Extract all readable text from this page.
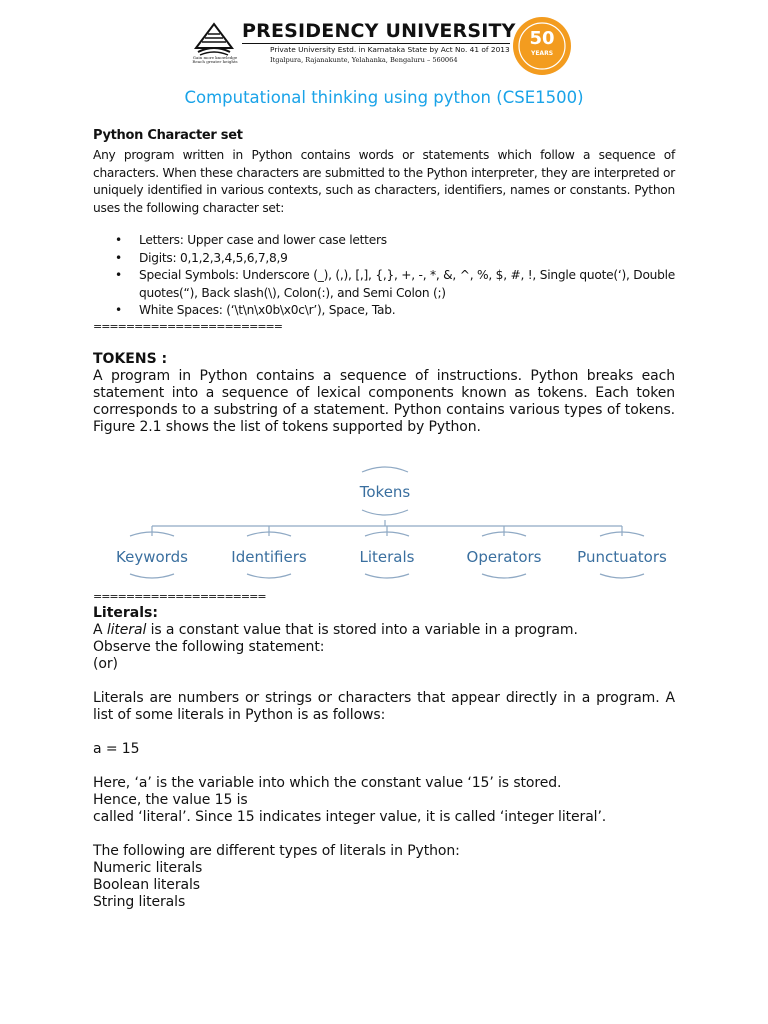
Gain more knowledge Reach greater heights
PRESIDENCY UNIVERSITY
Private University Estd. in Karnataka State by Act No. 41 of 2013
Itgalpura, Rajanakunte, Yelahanka, Bengaluru – 560064
50
YEARS
Computational thinking using python (CSE1500)
Python Character set

Any program written in Python contains words or statements which follow a sequence of characters. When these characters are submitted to the Python interpreter, they are interpreted or uniquely identified in various contexts, such as characters, identifiers, names or constants. Python uses the following character set:

• Letters: Upper case and lower case letters
• Digits: 0,1,2,3,4,5,6,7,8,9
• Special Symbols: Underscore (_), (,), [,], {,}, +, -, *, &, ^, %, $, #, !, Single quote(‘), Double quotes(“), Back slash(\), Colon(:), and Semi Colon (;)
• White Spaces: (‘\t\n\x0b\x0c\r’), Space, Tab.
=======================
TOKENS :

A program in Python contains a sequence of instructions. Python breaks each statement into a sequence of lexical components known as tokens. Each token corresponds to a substring of a statement. Python contains various types of tokens. Figure 2.1 shows the list of tokens supported by Python.

Tokens
Keywords	Identifiers	Literals	Operators Punctuators
=====================
Literals:

A literal is a constant value that is stored into a variable in a program.

Observe the following statement:

(or)

Literals are numbers or strings or characters that appear directly in a program. A list of some literals in Python is as follows:

a = 15

Here, ‘a’ is the variable into which the constant value ‘15’ is stored.

Hence, the value 15 is

called ‘literal’. Since 15 indicates integer value, it is called ‘integer literal’.

The following are different types of literals in Python:

Numeric literals

Boolean literals

String literals
